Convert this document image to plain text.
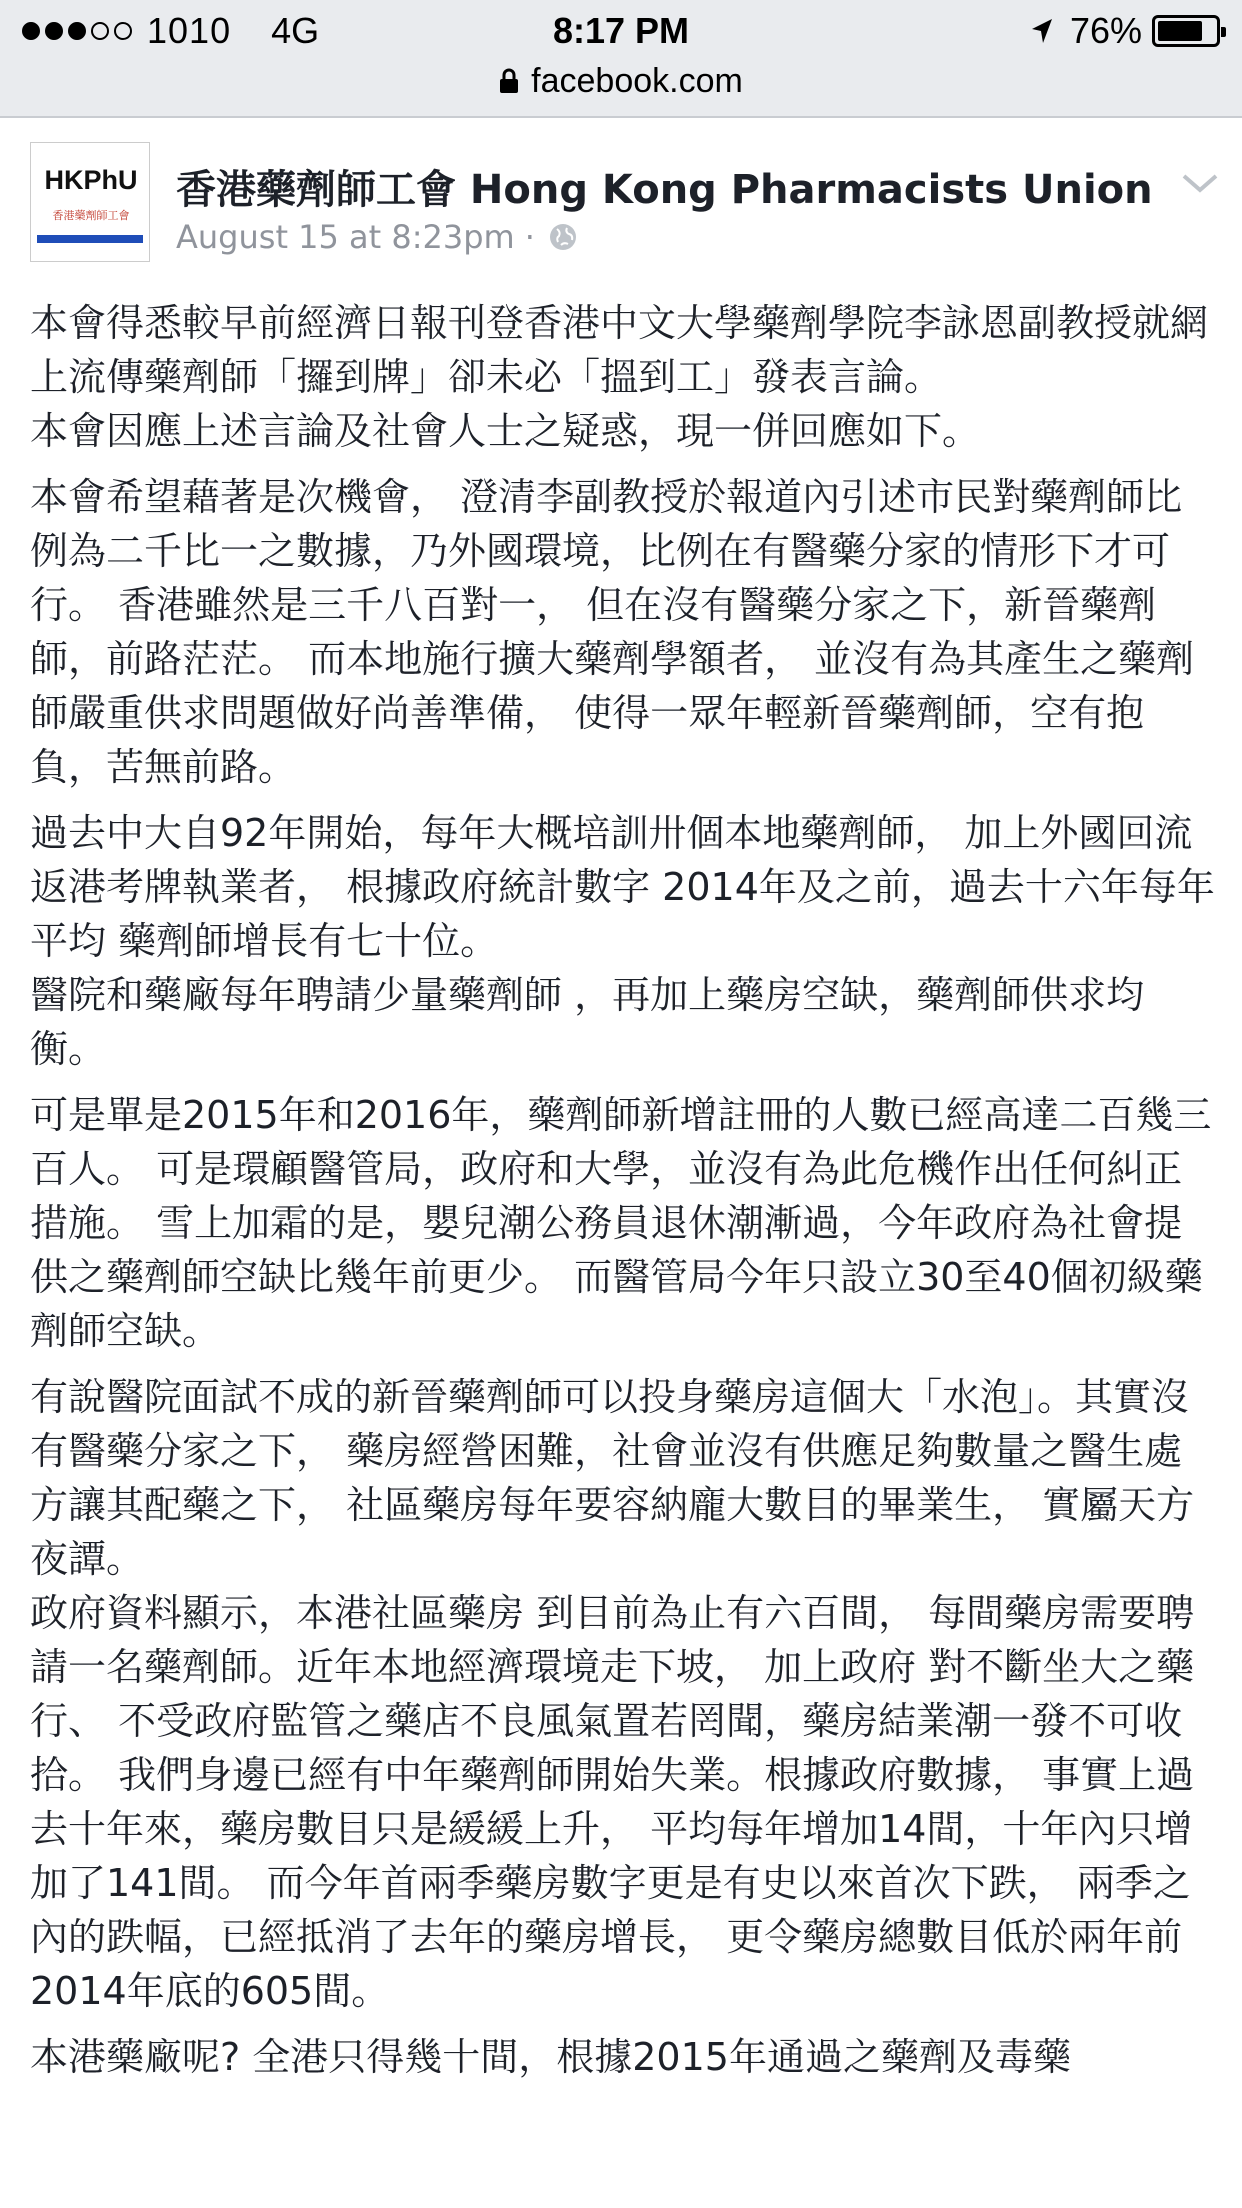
1010 4G	8:17 PM	76%
facebook.com
HKPhU
香港藥劑師工會
香港藥劑師工會 Hong Kong Pharmacists Union
August 15 at 8:23pm ·

本會得悉較早前經濟日報刊登香港中文大學藥劑學院李詠恩副教授就網上流傳藥劑師「攞到牌」卻未必「搵到工」發表言論。
本會因應上述言論及社會人士之疑惑，現一併回應如下。

本會希望藉著是次機會， 澄清李副教授於報道內引述市民對藥劑師比例為二千比一之數據，乃外國環境，比例在有醫藥分家的情形下才可行。 香港雖然是三千八百對一， 但在沒有醫藥分家之下，新晉藥劑師，前路茫茫。 而本地施行擴大藥劑學額者， 並沒有為其產生之藥劑師嚴重供求問題做好尚善準備， 使得一眾年輕新晉藥劑師，空有抱負，苦無前路。

過去中大自92年開始，每年大概培訓卅個本地藥劑師， 加上外國回流返港考牌執業者， 根據政府統計數字 2014年及之前，過去十六年每年平均 藥劑師增長有七十位。
醫院和藥廠每年聘請少量藥劑師 ，再加上藥房空缺，藥劑師供求均衡。

可是單是2015年和2016年，藥劑師新增註冊的人數已經高達二百幾三百人。 可是環顧醫管局，政府和大學，並沒有為此危機作出任何糾正措施。 雪上加霜的是，嬰兒潮公務員退休潮漸過，今年政府為社會提供之藥劑師空缺比幾年前更少。 而醫管局今年只設立30至40個初級藥劑師空缺。

有說醫院面試不成的新晉藥劑師可以投身藥房這個大「水泡」。其實沒有醫藥分家之下， 藥房經營困難，社會並沒有供應足夠數量之醫生處方讓其配藥之下， 社區藥房每年要容納龐大數目的畢業生， 實屬天方夜譚。
政府資料顯示，本港社區藥房 到目前為止有六百間， 每間藥房需要聘請一名藥劑師。近年本地經濟環境走下坡， 加上政府 對不斷坐大之藥行、 不受政府監管之藥店不良風氣置若罔聞，藥房結業潮一發不可收拾。 我們身邊已經有中年藥劑師開始失業。根據政府數據， 事實上過去十年來，藥房數目只是緩緩上升， 平均每年增加14間，十年內只增加了141間。 而今年首兩季藥房數字更是有史以來首次下跌， 兩季之內的跌幅，已經抵消了去年的藥房增長， 更令藥房總數目低於兩年前 2014年底的605間。

本港藥廠呢? 全港只得幾十間，根據2015年通過之藥劑及毒藥
